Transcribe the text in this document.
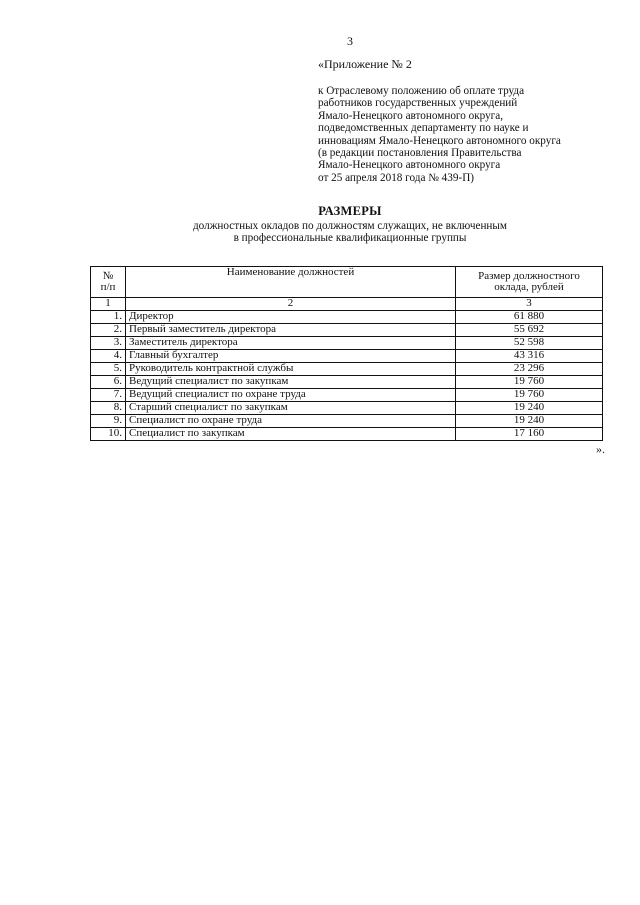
3
«Приложение № 2
к Отраслевому положению об оплате труда
работников государственных учреждений
Ямало-Ненецкого автономного округа,
подведомственных департаменту по науке и
инновациям Ямало-Ненецкого автономного округа
(в редакции постановления Правительства
Ямало-Ненецкого автономного округа
от 25 апреля 2018 года № 439-П)
РАЗМЕРЫ
должностных окладов по должностям служащих, не включенным
в профессиональные квалификационные группы
№
п/п	Наименование должностей	Размер должностного
оклада, рублей

1	2	3
1.	Директор	61 880
2.	Первый заместитель директора	55 692
3.	Заместитель директора	52 598
4.	Главный бухгалтер	43 316
5.	Руководитель контрактной службы	23 296
6.	Ведущий специалист по закупкам	19 760
7.	Ведущий специалист по охране труда	19 760
8.	Старший специалист по закупкам	19 240
9.	Специалист по охране труда	19 240
10.	Специалист по закупкам	17 160
».
